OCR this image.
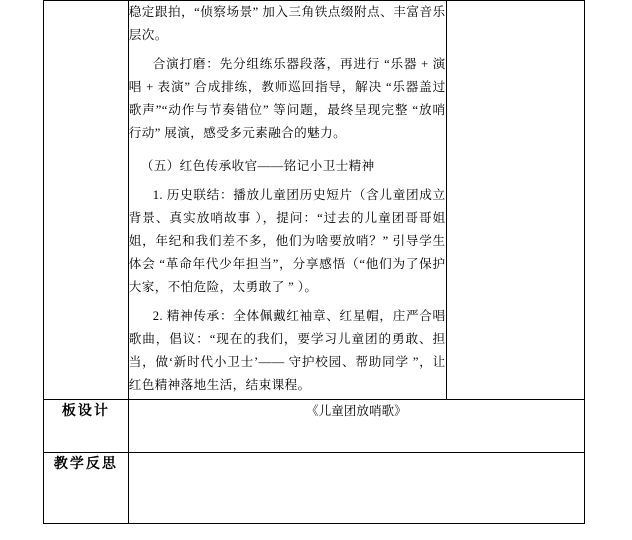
	稳定跟拍，“侦察场景” 加入三角铁点缀附点、丰富音乐层次。

合演打磨：先分组练乐器段落，再进行 “乐器 + 演唱 + 表演” 合成排练，教师巡回指导，解决 “乐器盖过歌声”“动作与节奏错位” 等问题，最终呈现完整 “放哨行动” 展演，感受多元素融合的魅力。

（五）红色传承收官——铭记小卫士精神

1. 历史联结：播放儿童团历史短片（含儿童团成立背景、真实放哨故事 ），提问：“过去的儿童团哥哥姐姐，年纪和我们差不多，他们为啥要放哨？” 引导学生体会 “革命年代少年担当”，分享感悟（“他们为了保护大家，不怕危险，太勇敢了 ” ）。

2. 精神传承：全体佩戴红袖章、红星帽，庄严合唱歌曲，倡议：“现在的我们，要学习儿童团的勇敢、担当，做‘新时代小卫士’—— 守护校园、帮助同学 ”，让红色精神落地生活，结束课程。	

板设计	《儿童团放哨歌》	
教学反思		
